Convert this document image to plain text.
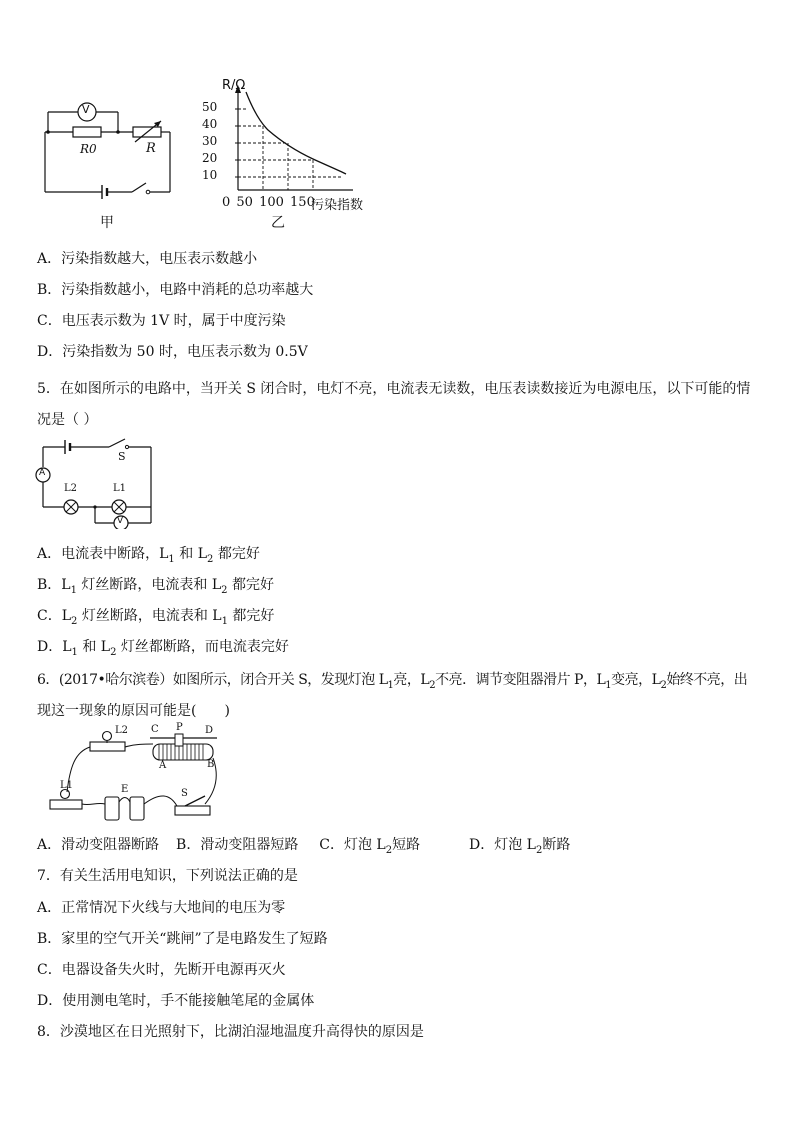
V
R0	R
甲
R/Ω
50
40
30
20
10
0 50 100 150
污染指数
乙
A．污染指数越大，电压表示数越小
B．污染指数越小，电路中消耗的总功率越大
C．电压表示数为 1V 时，属于中度污染
D．污染指数为 50 时，电压表示数为 0.5V
5．在如图所示的电路中，当开关 S 闭合时，电灯不亮，电流表无读数，电压表读数接近为电源电压，以下可能的情
况是（ ）
S
A
L2	L1
V
A．电流表中断路，$L_1$ 和 $L_2$ 都完好
B．$L_1$ 灯丝断路，电流表和 $L_2$ 都完好
C．$L_2$ 灯丝断路，电流表和 $L_1$ 都完好
D．$L_1$ 和 $L_2$ 灯丝都断路，而电流表完好
6．(2017•哈尔滨卷）如图所示，闭合开关 S，发现灯泡 $L_1$亮，$L_2$不亮．调节变阻器滑片 P，$L_1$变亮，$L_2$始终不亮，出
现这一现象的原因可能是(　　)
L2 C P D
A	B
L1	E	S
A．滑动变阻器断路 B．滑动变阻器短路 C．灯泡 $L_2$短路	D．灯泡 $L_2$断路
7．有关生活用电知识，下列说法正确的是
A．正常情况下火线与大地间的电压为零
B．家里的空气开关“跳闸”了是电路发生了短路
C．电器设备失火时，先断开电源再灭火
D．使用测电笔时，手不能接触笔尾的金属体
8．沙漠地区在日光照射下，比湖泊湿地温度升高得快的原因是
